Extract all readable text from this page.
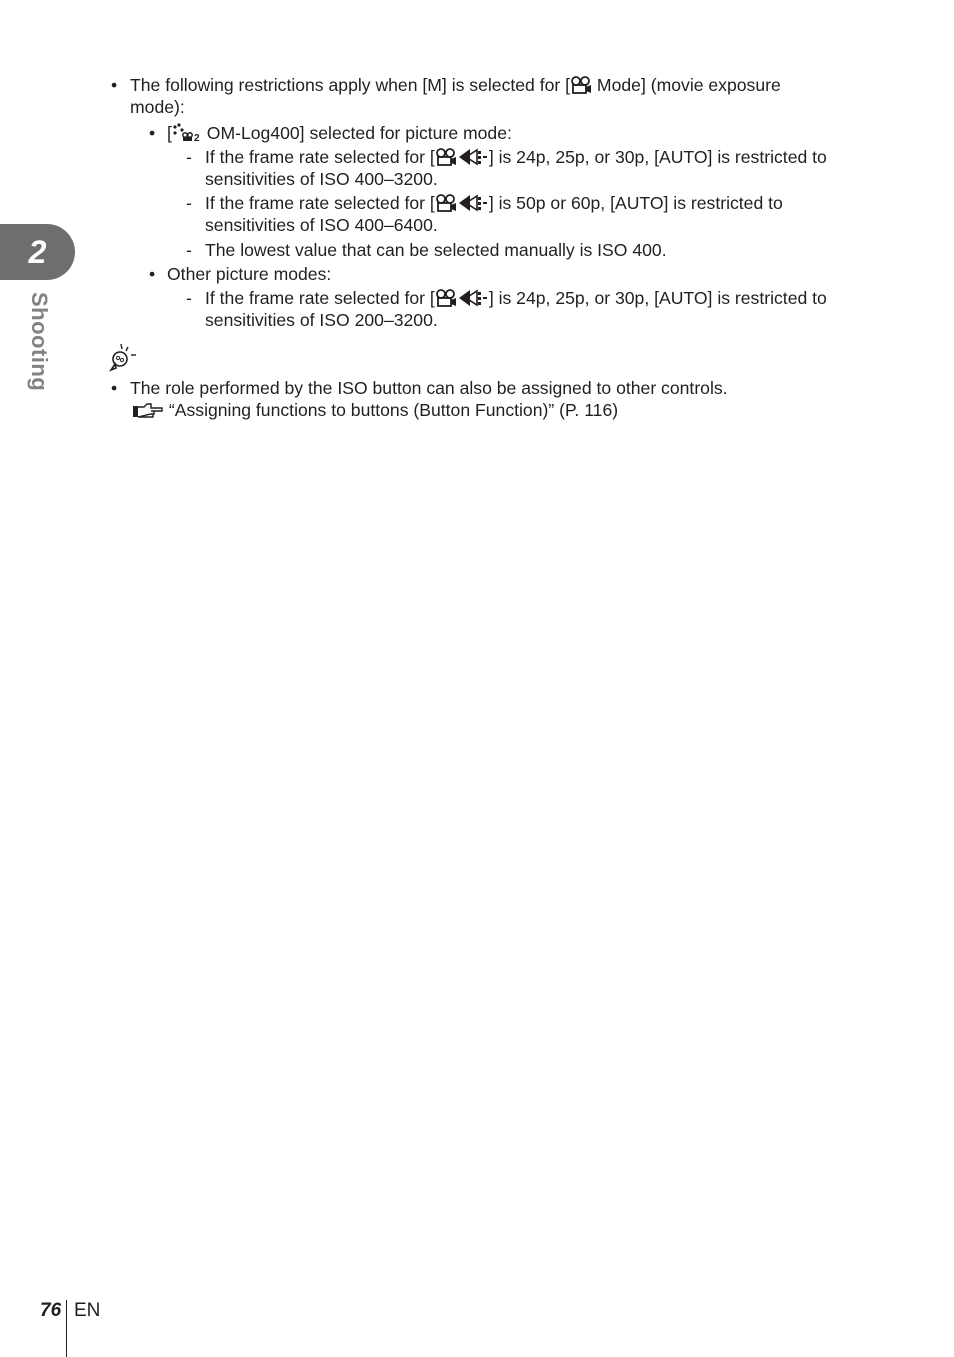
2
Shooting
• The following restrictions apply when [M] is selected for [ Mode] (movie exposure
mode):
• [ 2 OM-Log400] selected for picture mode:
- If the frame rate selected for [	] is 24p, 25p, or 30p, [AUTO] is restricted to
sensitivities of ISO 400–3200.
- If the frame rate selected for [	] is 50p or 60p, [AUTO] is restricted to
sensitivities of ISO 400–6400.
- The lowest value that can be selected manually is ISO 400.
• Other picture modes:
- If the frame rate selected for [	] is 24p, 25p, or 30p, [AUTO] is restricted to
sensitivities of ISO 200–3200.
• The role performed by the ISO button can also be assigned to other controls.
“Assigning functions to buttons (Button Function)” (P. 116)
76 EN
